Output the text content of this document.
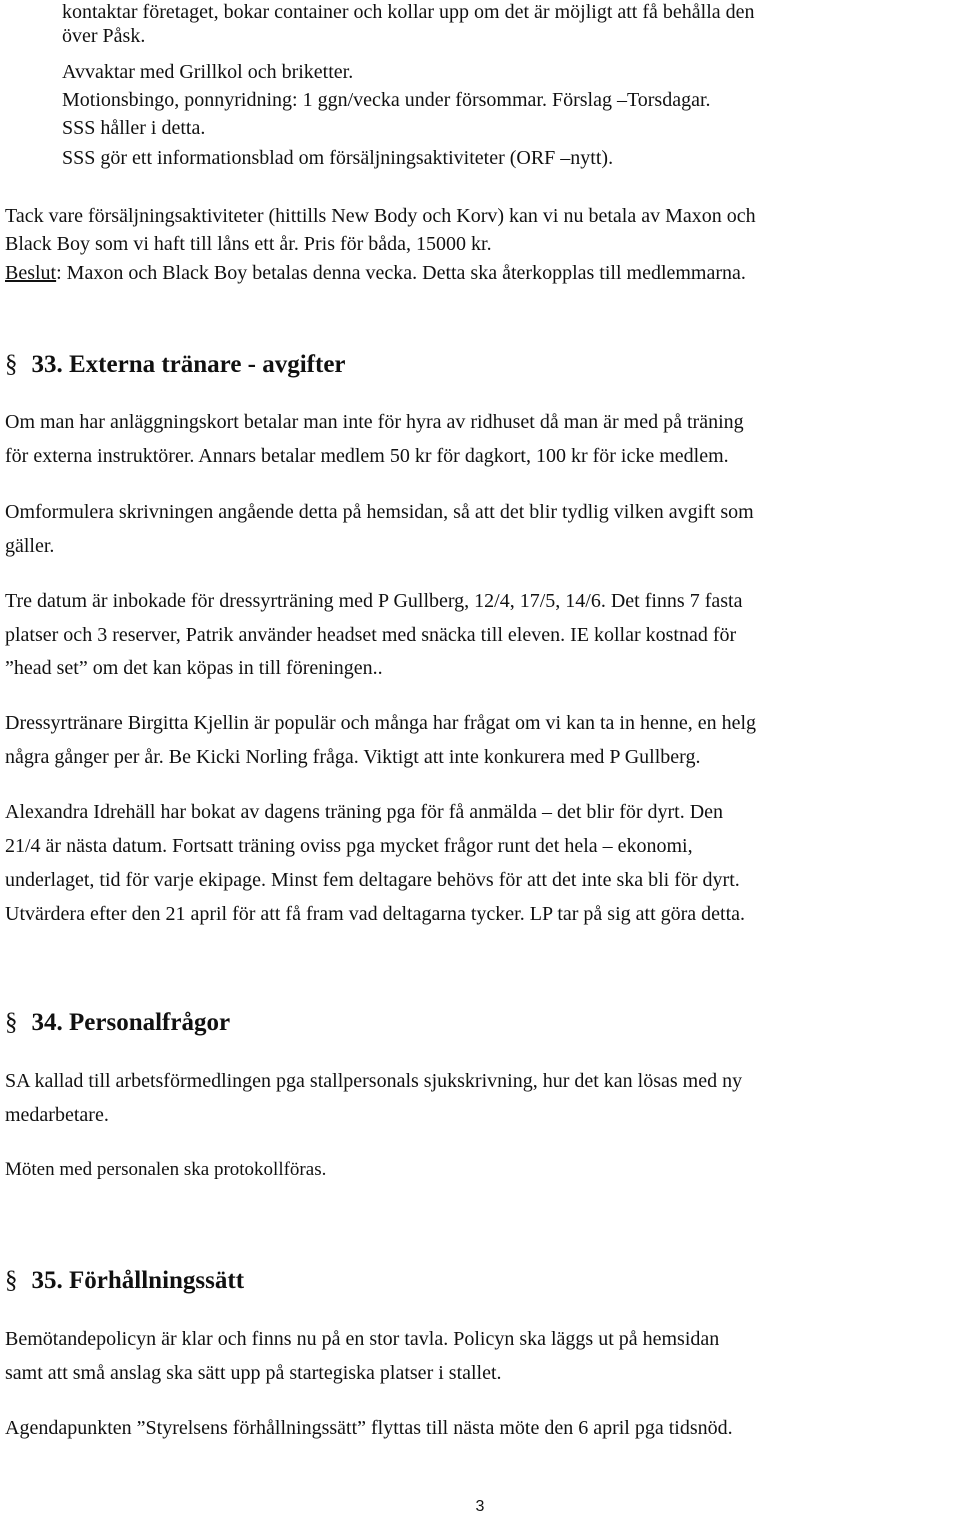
kontaktar företaget, bokar container och kollar upp om det är möjligt att få behålla den
över Påsk.
Avvaktar med Grillkol och briketter.
Motionsbingo, ponnyridning: 1 ggn/vecka under försommar. Förslag –Torsdagar.
SSS håller i detta.
SSS gör ett informationsblad om försäljningsaktiviteter (ORF –nytt).
Tack vare försäljningsaktiviteter (hittills New Body och Korv) kan vi nu betala av Maxon och
Black Boy som vi haft till låns ett år. Pris för båda, 15000 kr.
Beslut: Maxon och Black Boy betalas denna vecka. Detta ska återkopplas till medlemmarna.
§ 33. Externa tränare - avgifter
Om man har anläggningskort betalar man inte för hyra av ridhuset då man är med på träning
för externa instruktörer. Annars betalar medlem 50 kr för dagkort, 100 kr för icke medlem.
Omformulera skrivningen angående detta på hemsidan, så att det blir tydlig vilken avgift som
gäller.
Tre datum är inbokade för dressyrträning med P Gullberg, 12/4, 17/5, 14/6. Det finns 7 fasta
platser och 3 reserver, Patrik använder headset med snäcka till eleven. IE kollar kostnad för
”head set” om det kan köpas in till föreningen..
Dressyrtränare Birgitta Kjellin är populär och många har frågat om vi kan ta in henne, en helg
några gånger per år. Be Kicki Norling fråga. Viktigt att inte konkurera med P Gullberg.
Alexandra Idrehäll har bokat av dagens träning pga för få anmälda – det blir för dyrt. Den
21/4 är nästa datum. Fortsatt träning oviss pga mycket frågor runt det hela – ekonomi,
underlaget, tid för varje ekipage. Minst fem deltagare behövs för att det inte ska bli för dyrt.
Utvärdera efter den 21 april för att få fram vad deltagarna tycker. LP tar på sig att göra detta.
§ 34. Personalfrågor
SA kallad till arbetsförmedlingen pga stallpersonals sjukskrivning, hur det kan lösas med ny
medarbetare.
Möten med personalen ska protokollföras.
§ 35. Förhållningssätt
Bemötandepolicyn är klar och finns nu på en stor tavla. Policyn ska läggs ut på hemsidan
samt att små anslag ska sätt upp på startegiska platser i stallet.
Agendapunkten ”Styrelsens förhållningssätt” flyttas till nästa möte den 6 april pga tidsnöd.
3
